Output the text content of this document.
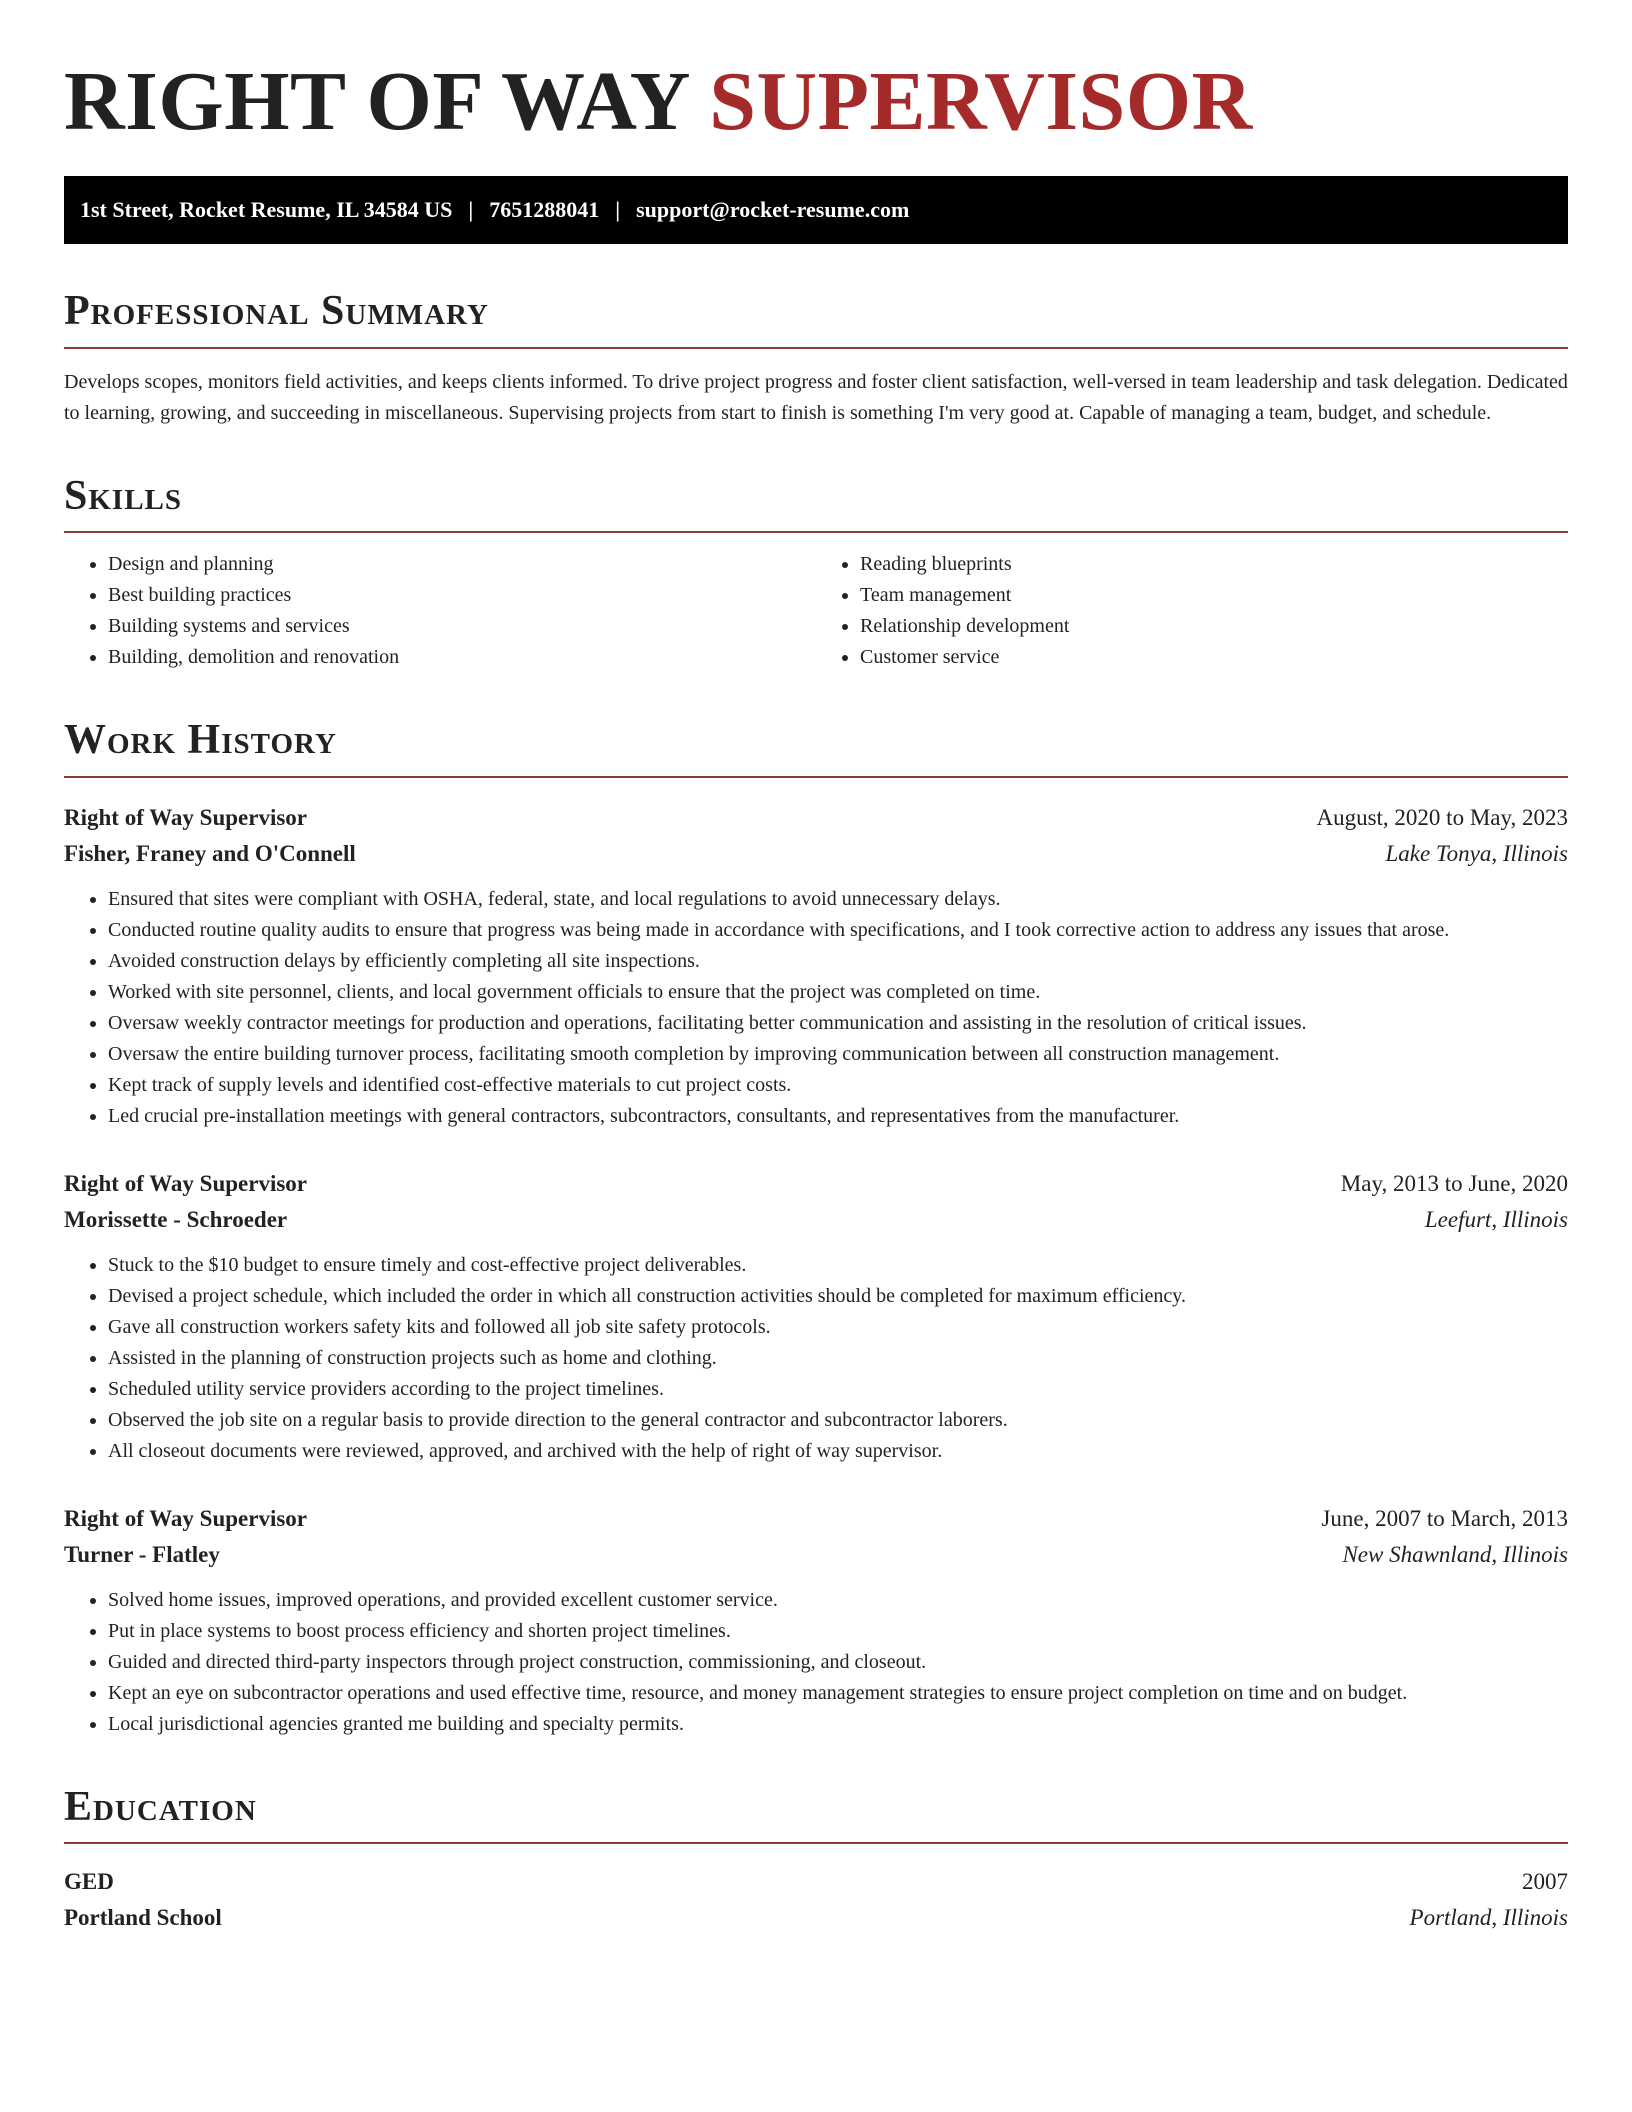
RIGHT OF WAY SUPERVISOR
1st Street, Rocket Resume, IL 34584 US | 7651288041 | support@rocket-resume.com
Professional Summary

Develops scopes, monitors field activities, and keeps clients informed. To drive project progress and foster client satisfaction, well-versed in team leadership and task delegation. Dedicated to learning, growing, and succeeding in miscellaneous. Supervising projects from start to finish is something I'm very good at. Capable of managing a team, budget, and schedule.

Skills
• Design and planning
• Best building practices
• Building systems and services
• Building, demolition and renovation
• Reading blueprints
• Team management
• Relationship development
• Customer service
Work History
Right of Way Supervisor	August, 2020 to May, 2023
Fisher, Franey and O'Connell	Lake Tonya, Illinois
• Ensured that sites were compliant with OSHA, federal, state, and local regulations to avoid unnecessary delays.
• Conducted routine quality audits to ensure that progress was being made in accordance with specifications, and I took corrective action to address any issues that arose.
• Avoided construction delays by efficiently completing all site inspections.
• Worked with site personnel, clients, and local government officials to ensure that the project was completed on time.
• Oversaw weekly contractor meetings for production and operations, facilitating better communication and assisting in the resolution of critical issues.
• Oversaw the entire building turnover process, facilitating smooth completion by improving communication between all construction management.
• Kept track of supply levels and identified cost-effective materials to cut project costs.
• Led crucial pre-installation meetings with general contractors, subcontractors, consultants, and representatives from the manufacturer.
Right of Way Supervisor	May, 2013 to June, 2020
Morissette - Schroeder	Leefurt, Illinois
• Stuck to the $10 budget to ensure timely and cost-effective project deliverables.
• Devised a project schedule, which included the order in which all construction activities should be completed for maximum efficiency.
• Gave all construction workers safety kits and followed all job site safety protocols.
• Assisted in the planning of construction projects such as home and clothing.
• Scheduled utility service providers according to the project timelines.
• Observed the job site on a regular basis to provide direction to the general contractor and subcontractor laborers.
• All closeout documents were reviewed, approved, and archived with the help of right of way supervisor.
Right of Way Supervisor	June, 2007 to March, 2013
Turner - Flatley	New Shawnland, Illinois
• Solved home issues, improved operations, and provided excellent customer service.
• Put in place systems to boost process efficiency and shorten project timelines.
• Guided and directed third-party inspectors through project construction, commissioning, and closeout.
• Kept an eye on subcontractor operations and used effective time, resource, and money management strategies to ensure project completion on time and on budget.
• Local jurisdictional agencies granted me building and specialty permits.
Education
GED	2007
Portland School	Portland, Illinois
